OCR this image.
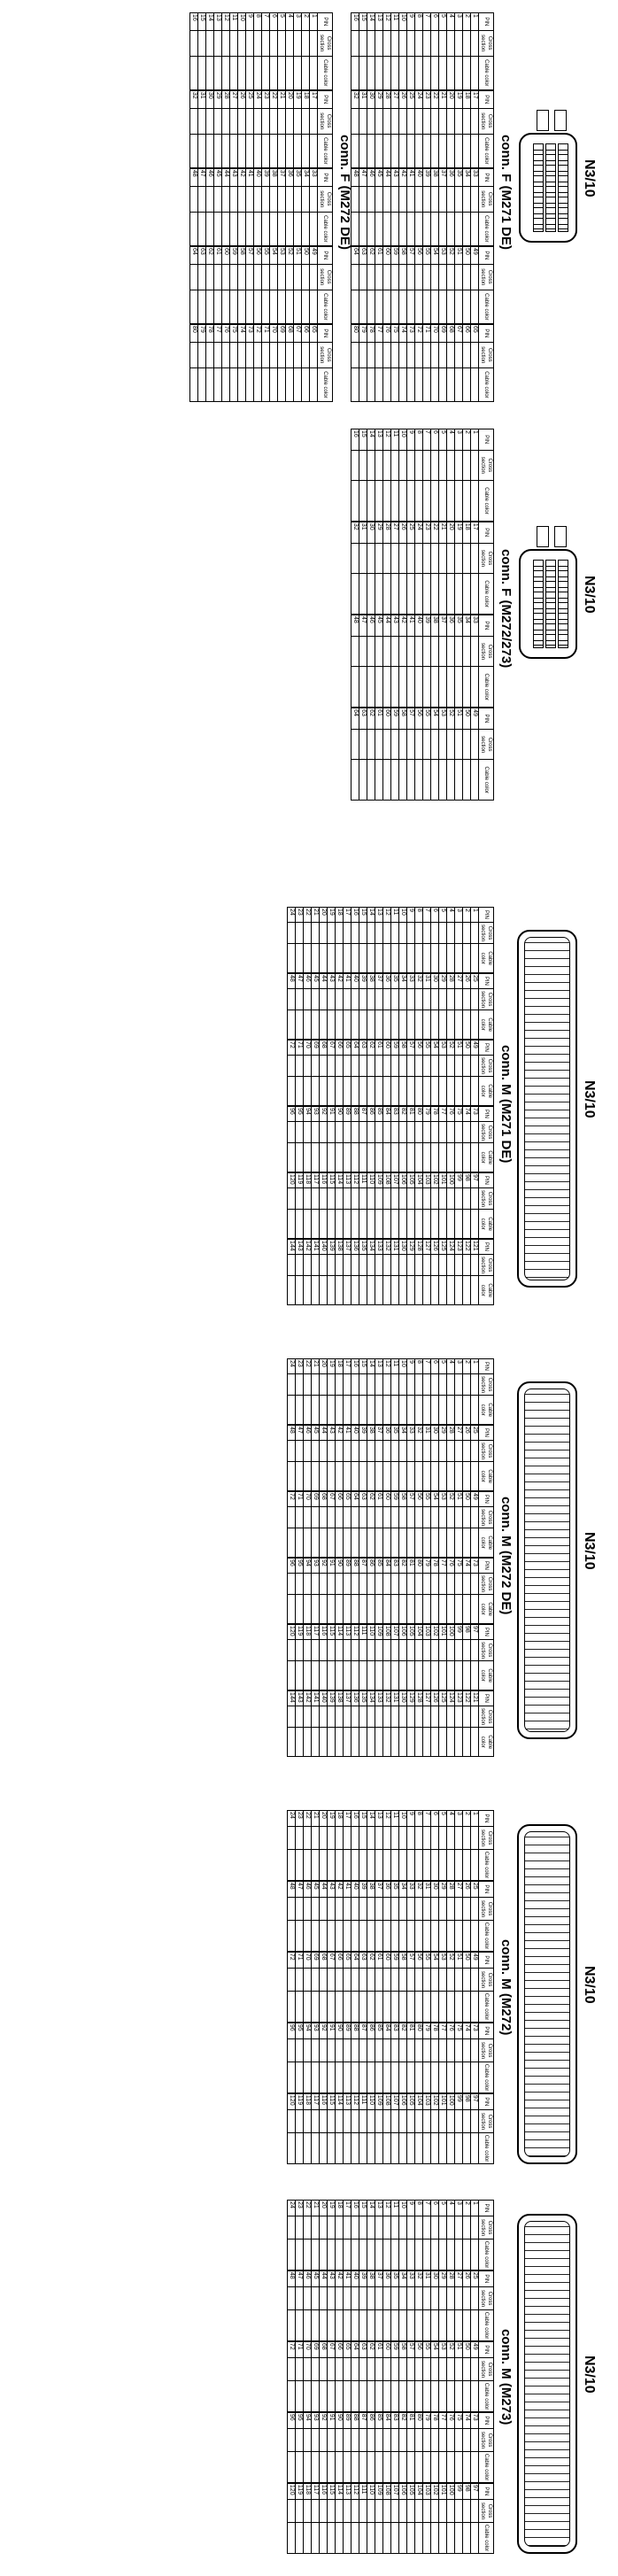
N3/10
conn. F (M271 DE)
PIN	Cross section	Cable color	PIN	Cross section	Cable color	PIN	Cross section	Cable color	PIN	Cross section	Cable color	PIN	Cross section	Cable color
1			17			33			49			65		
2			18			34			50			66		
3			19			35			51			67		
4			20			36			52			68		
5			21			37			53			69		
6			22			38			54			70		
7			23			39			55			71		
8			24			40			56			72		
9			25			41			57			73		
10			26			42			58			74		
11			27			43			59			75		
12			28			44			60			76		
13			29			45			61			77		
14			30			46			62			78		
15			31			47			63			79		
16			32			48			64			80		
conn. F (M272 DE)
PIN	Cross section	Cable color	PIN	Cross section	Cable color	PIN	Cross section	Cable color	PIN	Cross section	Cable color	PIN	Cross section	Cable color
1			17			33			49			65		
2			18			34			50			66		
3			19			35			51			67		
4			20			36			52			68		
5			21			37			53			69		
6			22			38			54			70		
7			23			39			55			71		
8			24			40			56			72		
9			25			41			57			73		
10			26			42			58			74		
11			27			43			59			75		
12			28			44			60			76		
13			29			45			61			77		
14			30			46			62			78		
15			31			47			63			79		
16			32			48			64			80		
N3/10
conn. F (M272/273)
PIN	Cross section	Cable color	PIN	Cross section	Cable color	PIN	Cross section	Cable color	PIN	Cross section	Cable color
1			17			33			49		
2			18			34			50		
3			19			35			51		
4			20			36			52		
5			21			37			53		
6			22			38			54		
7			23			39			55		
8			24			40			56		
9			25			41			57		
10			26			42			58		
11			27			43			59		
12			28			44			60		
13			29			45			61		
14			30			46			62		
15			31			47			63		
16			32			48			64		
N3/10
conn. M (M271 DE)
PIN	Cross section	Cable color	PIN	Cross section	Cable color	PIN	Cross section	Cable color	PIN	Cross section	Cable color	PIN	Cross section	Cable color	PIN	Cross section	Cable color
1			25			49			73			97			121		
2			26			50			74			98			122		
3			27			51			75			99			123		
4			28			52			76			100			124		
5			29			53			77			101			125		
6			30			54			78			102			126		
7			31			55			79			103			127		
8			32			56			80			104			128		
9			33			57			81			105			129		
10			34			58			82			106			130		
11			35			59			83			107			131		
12			36			60			84			108			132		
13			37			61			85			109			133		
14			38			62			86			110			134		
15			39			63			87			111			135		
16			40			64			88			112			136		
17			41			65			89			113			137		
18			42			66			90			114			138		
19			43			67			91			115			139		
20			44			68			92			116			140		
21			45			69			93			117			141		
22			46			70			94			118			142		
23			47			71			95			119			143		
24			48			72			96			120			144		
N3/10
conn. M (M272 DE)
PIN	Cross section	Cable color	PIN	Cross section	Cable color	PIN	Cross section	Cable color	PIN	Cross section	Cable color	PIN	Cross section	Cable color	PIN	Cross section	Cable color
1			25			49			73			97			121		
2			26			50			74			98			122		
3			27			51			75			99			123		
4			28			52			76			100			124		
5			29			53			77			101			125		
6			30			54			78			102			126		
7			31			55			79			103			127		
8			32			56			80			104			128		
9			33			57			81			105			129		
10			34			58			82			106			130		
11			35			59			83			107			131		
12			36			60			84			108			132		
13			37			61			85			109			133		
14			38			62			86			110			134		
15			39			63			87			111			135		
16			40			64			88			112			136		
17			41			65			89			113			137		
18			42			66			90			114			138		
19			43			67			91			115			139		
20			44			68			92			116			140		
21			45			69			93			117			141		
22			46			70			94			118			142		
23			47			71			95			119			143		
24			48			72			96			120			144		
N3/10
conn. M (M272)
PIN	Cross section	Cable color	PIN	Cross section	Cable color	PIN	Cross section	Cable color	PIN	Cross section	Cable color	PIN	Cross section	Cable color
1			25			49			73			97		
2			26			50			74			98		
3			27			51			75			99		
4			28			52			76			100		
5			29			53			77			101		
6			30			54			78			102		
7			31			55			79			103		
8			32			56			80			104		
9			33			57			81			105		
10			34			58			82			106		
11			35			59			83			107		
12			36			60			84			108		
13			37			61			85			109		
14			38			62			86			110		
15			39			63			87			111		
16			40			64			88			112		
17			41			65			89			113		
18			42			66			90			114		
19			43			67			91			115		
20			44			68			92			116		
21			45			69			93			117		
22			46			70			94			118		
23			47			71			95			119		
24			48			72			96			120		
N3/10
conn. M (M273)
PIN	Cross section	Cable color	PIN	Cross section	Cable color	PIN	Cross section	Cable color	PIN	Cross section	Cable color	PIN	Cross section	Cable color
1			25			49			73			97		
2			26			50			74			98		
3			27			51			75			99		
4			28			52			76			100		
5			29			53			77			101		
6			30			54			78			102		
7			31			55			79			103		
8			32			56			80			104		
9			33			57			81			105		
10			34			58			82			106		
11			35			59			83			107		
12			36			60			84			108		
13			37			61			85			109		
14			38			62			86			110		
15			39			63			87			111		
16			40			64			88			112		
17			41			65			89			113		
18			42			66			90			114		
19			43			67			91			115		
20			44			68			92			116		
21			45			69			93			117		
22			46			70			94			118		
23			47			71			95			119		
24			48			72			96			120		
